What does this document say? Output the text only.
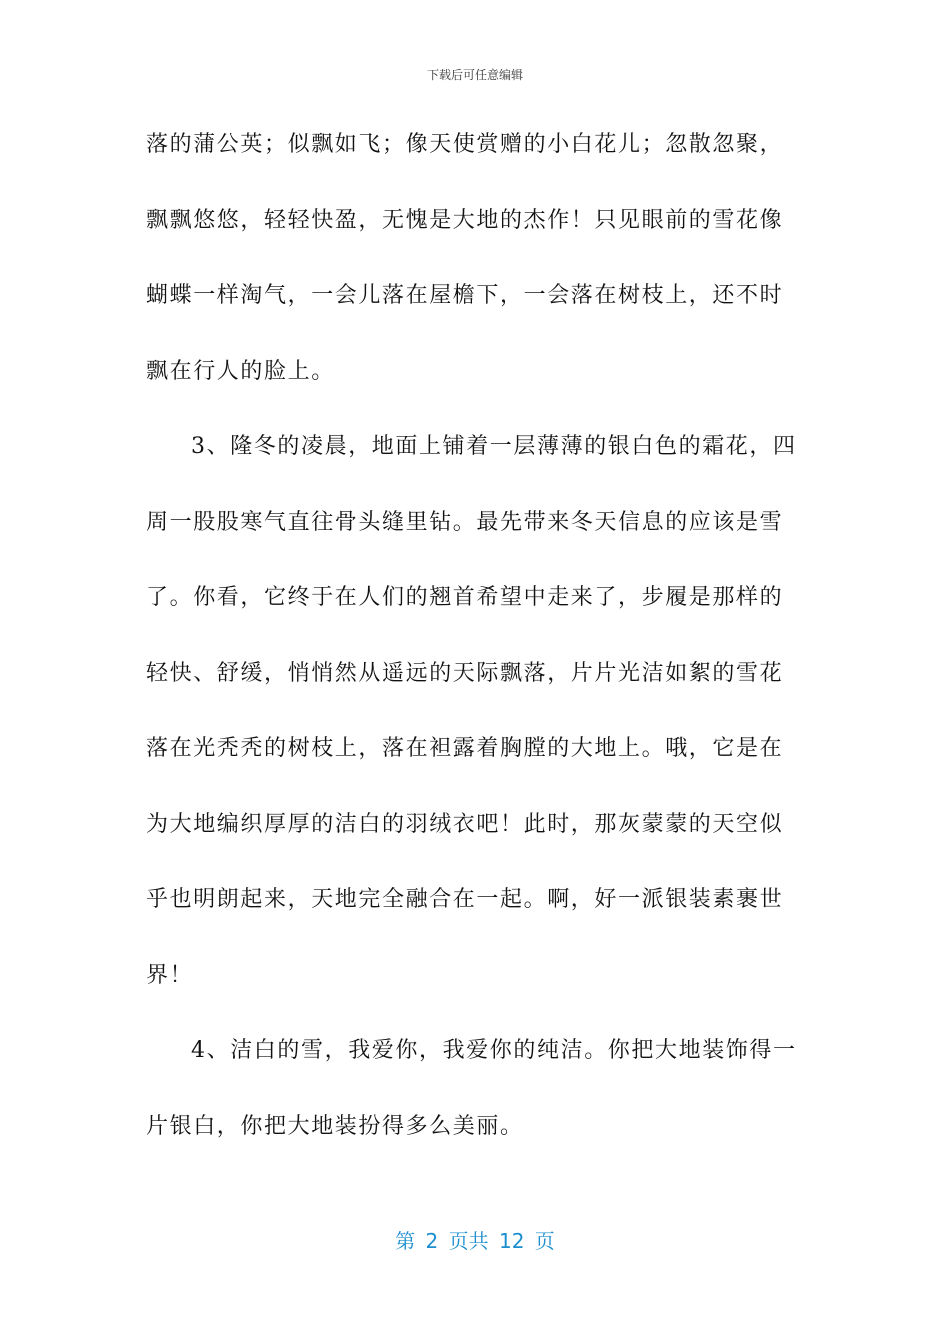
下载后可任意编辑
落的蒲公英；似飘如飞；像天使赏赠的小白花儿；忽散忽聚，
飘飘悠悠，轻轻快盈，无愧是大地的杰作！只见眼前的雪花像
蝴蝶一样淘气，一会儿落在屋檐下，一会落在树枝上，还不时
飘在行人的脸上。
3、隆冬的凌晨，地面上铺着一层薄薄的银白色的霜花，四
周一股股寒气直往骨头缝里钻。最先带来冬天信息的应该是雪
了。你看，它终于在人们的翘首希望中走来了，步履是那样的
轻快、舒缓，悄悄然从遥远的天际飘落，片片光洁如絮的雪花
落在光秃秃的树枝上，落在袒露着胸膛的大地上。哦，它是在
为大地编织厚厚的洁白的羽绒衣吧！此时，那灰蒙蒙的天空似
乎也明朗起来，天地完全融合在一起。啊，好一派银装素裹世
界！
4、洁白的雪，我爱你，我爱你的纯洁。你把大地装饰得一
片银白，你把大地装扮得多么美丽。
第 2 页共 12 页
